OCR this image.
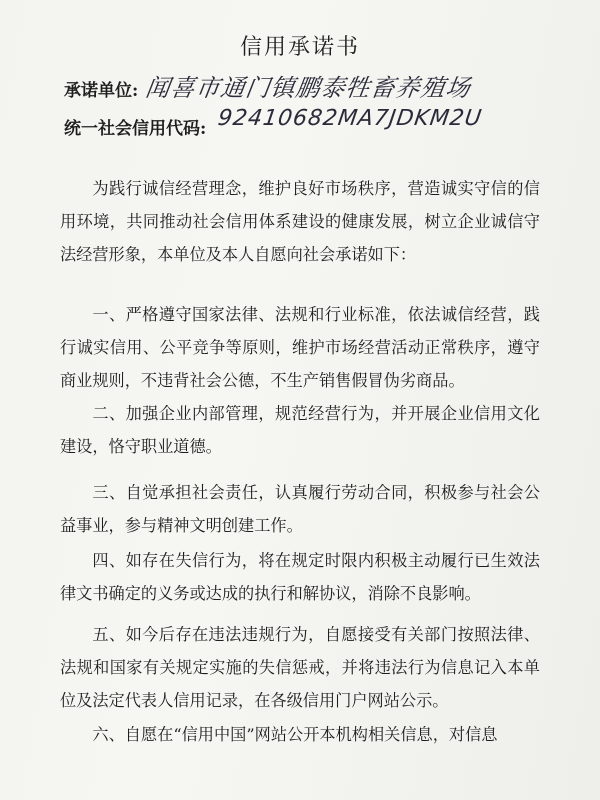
信用承诺书
承诺单位: 闻喜市通门镇鹏泰牲畜养殖场
统一社会信用代码: 92410682MA7JDKM2U

为践行诚信经营理念，维护良好市场秩序，营造诚实守信的信用环境，共同推动社会信用体系建设的健康发展，树立企业诚信守法经营形象，本单位及本人自愿向社会承诺如下：

一、严格遵守国家法律、法规和行业标准，依法诚信经营，践行诚实信用、公平竞争等原则，维护市场经营活动正常秩序，遵守商业规则，不违背社会公德，不生产销售假冒伪劣商品。

二、加强企业内部管理，规范经营行为，并开展企业信用文化建设，恪守职业道德。

三、自觉承担社会责任，认真履行劳动合同，积极参与社会公益事业，参与精神文明创建工作。

四、如存在失信行为，将在规定时限内积极主动履行已生效法律文书确定的义务或达成的执行和解协议，消除不良影响。

五、如今后存在违法违规行为，自愿接受有关部门按照法律、法规和国家有关规定实施的失信惩戒，并将违法行为信息记入本单位及法定代表人信用记录，在各级信用门户网站公示。

六、自愿在“信用中国”网站公开本机构相关信息，对信息
